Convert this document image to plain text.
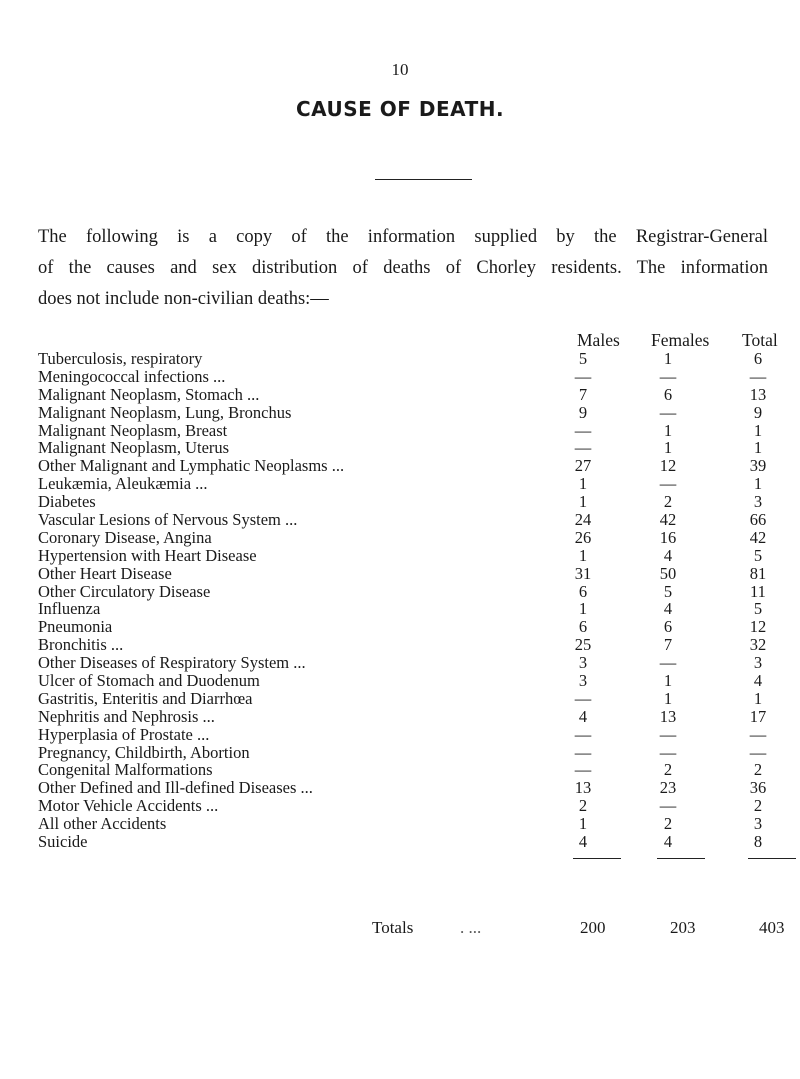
10
CAUSE OF DEATH.
The following is a copy of the information supplied by the Registrar-General
of the causes and sex distribution of deaths of Chorley residents. The information
does not include non-civilian deaths:—
Males Females Total
Tuberculosis, respiratory	5	1	6
Meningococcal infections ...	—	—	—
Malignant Neoplasm, Stomach ...	7	6	13
Malignant Neoplasm, Lung, Bronchus	9	—	9
Malignant Neoplasm, Breast	—	1	1
Malignant Neoplasm, Uterus	—	1	1
Other Malignant and Lymphatic Neoplasms ...	27	12	39
Leukæmia, Aleukæmia ...	1	—	1
Diabetes	1	2	3
Vascular Lesions of Nervous System ...	24	42	66
Coronary Disease, Angina	26	16	42
Hypertension with Heart Disease	1	4	5
Other Heart Disease	31	50	81
Other Circulatory Disease	6	5	11
Influenza	1	4	5
Pneumonia	6	6	12
Bronchitis ...	25	7	32
Other Diseases of Respiratory System ...	3	—	3
Ulcer of Stomach and Duodenum	3	1	4
Gastritis, Enteritis and Diarrhœa	—	1	1
Nephritis and Nephrosis ...	4	13	17
Hyperplasia of Prostate ...	—	—	—
Pregnancy, Childbirth, Abortion	—	—	—
Congenital Malformations	—	2	2
Other Defined and Ill-defined Diseases ...	13	23	36
Motor Vehicle Accidents ...	2	—	2
All other Accidents	1	2	3
Suicide	4	4	8
Totals	. ...	200	203	403
